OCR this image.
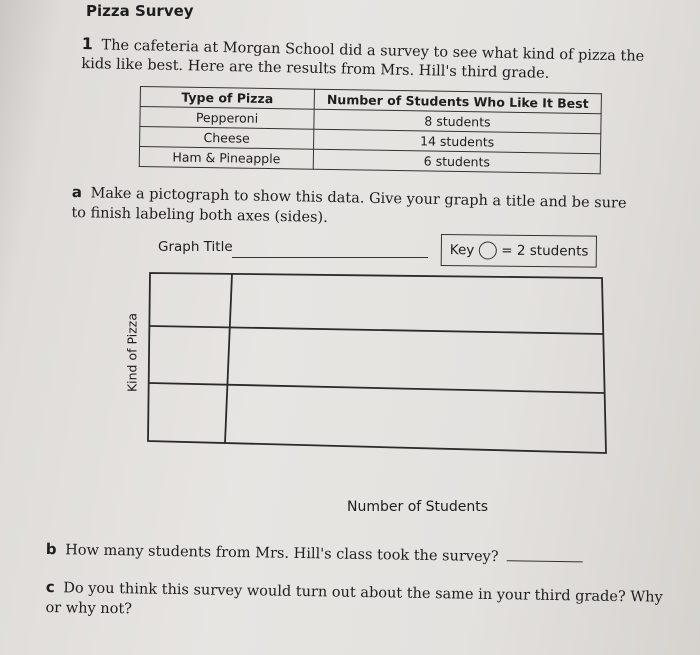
Pizza Survey
1 The cafeteria at Morgan School did a survey to see what kind of pizza the kids like best. Here are the results from Mrs. Hill's third grade.
Type of Pizza	Number of Students Who Like It Best
Pepperoni	8 students
Cheese	14 students
Ham & Pineapple	6 students
a Make a pictograph to show this data. Give your graph a title and be sure to finish labeling both axes (sides).
Graph Title	Key = 2 students
Kind of Pizza
Number of Students
b How many students from Mrs. Hill's class took the survey?
c Do you think this survey would turn out about the same in your third grade? Why or why not?
